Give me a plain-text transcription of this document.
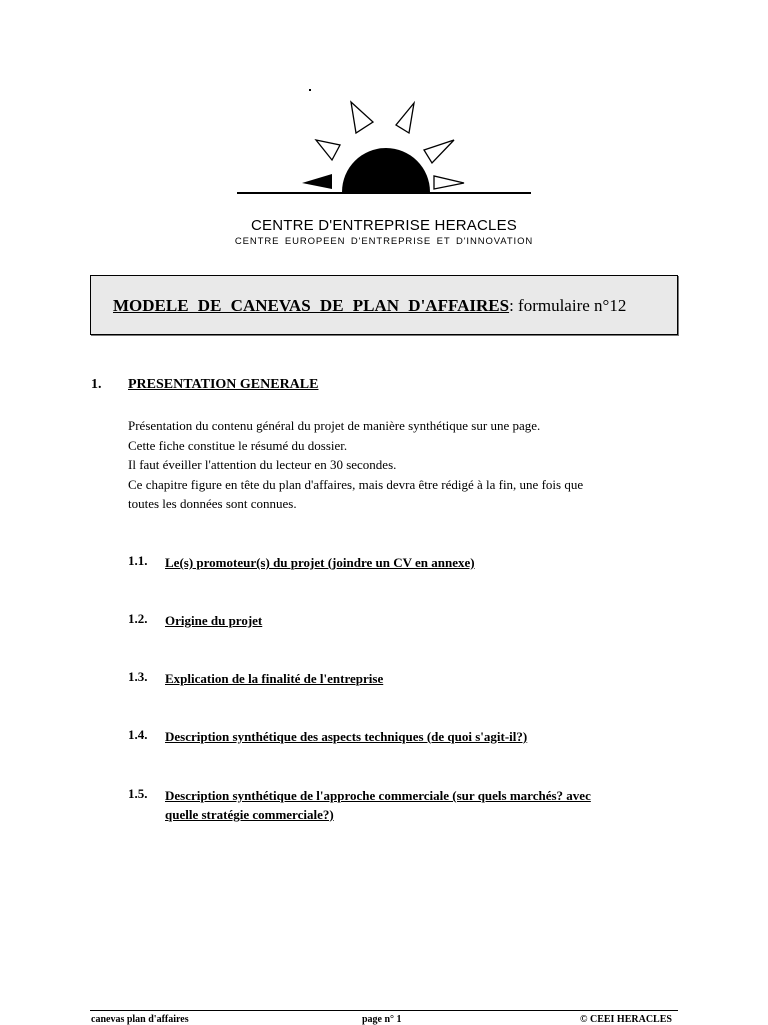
CENTRE D'ENTREPRISE HERACLES
CENTRE EUROPEEN D'ENTREPRISE ET D'INNOVATION
MODELE DE CANEVAS DE PLAN D'AFFAIRES: formulaire n°12
1. PRESENTATION GENERALE
Présentation du contenu général du projet de manière synthétique sur une page.
Cette fiche constitue le résumé du dossier.
Il faut éveiller l'attention du lecteur en 30 secondes.
Ce chapitre figure en tête du plan d'affaires, mais devra être rédigé à la fin, une fois que
toutes les données sont connues.
1.1. Le(s) promoteur(s) du projet (joindre un CV en annexe)
1.2. Origine du projet
1.3. Explication de la finalité de l'entreprise
1.4. Description synthétique des aspects techniques (de quoi s'agit-il?)
1.5. Description synthétique de l'approche commerciale (sur quels marchés? avec
quelle stratégie commerciale?)
canevas plan d'affaires	page n° 1	© CEEI HERACLES
